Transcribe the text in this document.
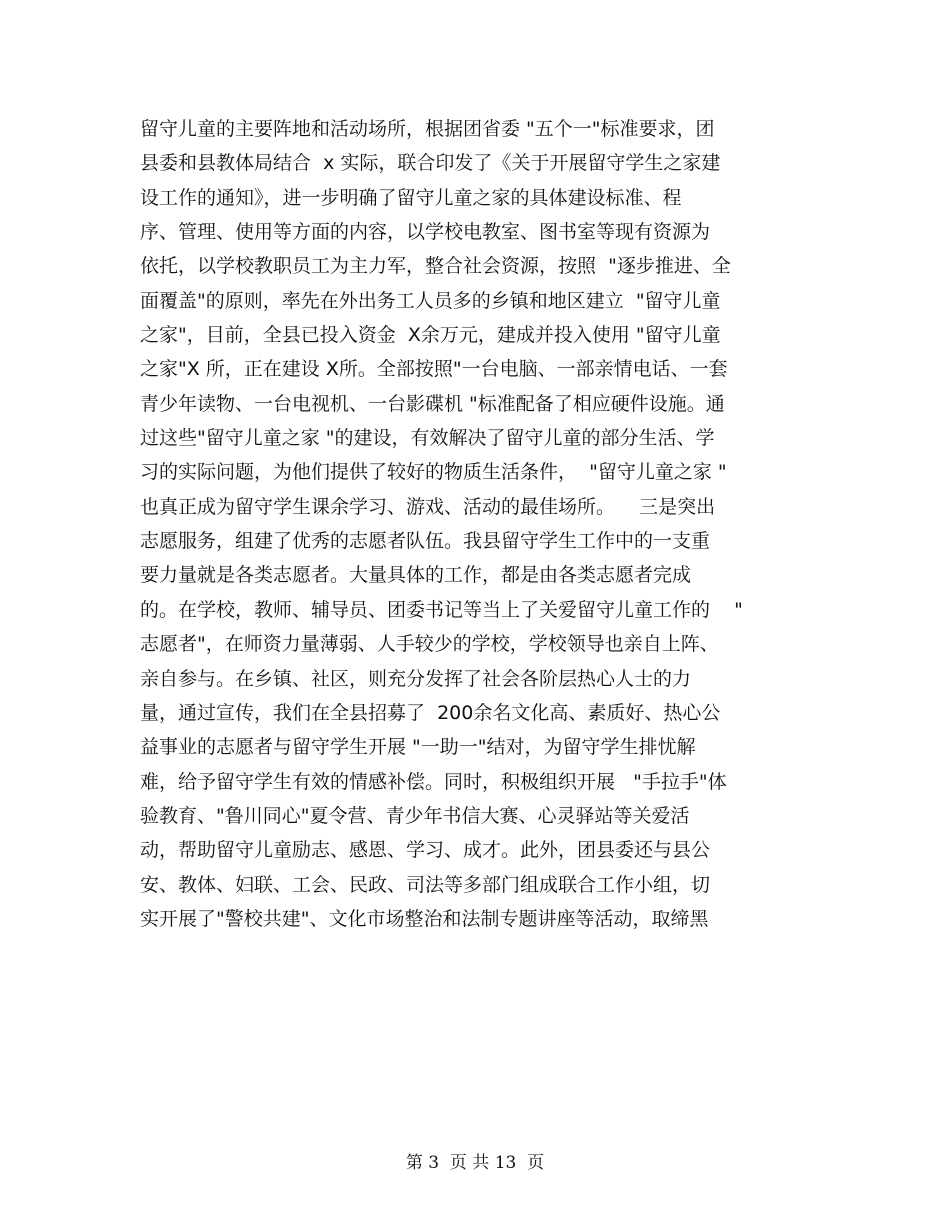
留守儿童的主要阵地和活动场所，根据团省委 "五个一"标准要求，团
县委和县教体局结合  x 实际，联合印发了《关于开展留守学生之家建
设工作的通知》，进一步明确了留守儿童之家的具体建设标准、程
序、管理、使用等方面的内容，以学校电教室、图书室等现有资源为
依托，以学校教职员工为主力军，整合社会资源，按照  "逐步推进、全
面覆盖"的原则，率先在外出务工人员多的乡镇和地区建立  "留守儿童
之家"，目前，全县已投入资金  X余万元，建成并投入使用 "留守儿童
之家"X 所，正在建设 X所。全部按照"一台电脑、一部亲情电话、一套
青少年读物、一台电视机、一台影碟机 "标准配备了相应硬件设施。通
过这些"留守儿童之家 "的建设，有效解决了留守儿童的部分生活、学
习的实际问题，为他们提供了较好的物质生活条件，  "留守儿童之家 "
也真正成为留守学生课余学习、游戏、活动的最佳场所。    三是突出
志愿服务，组建了优秀的志愿者队伍。我县留守学生工作中的一支重
要力量就是各类志愿者。大量具体的工作，都是由各类志愿者完成
的。在学校，教师、辅导员、团委书记等当上了关爱留守儿童工作的    "
志愿者"，在师资力量薄弱、人手较少的学校，学校领导也亲自上阵、
亲自参与。在乡镇、社区，则充分发挥了社会各阶层热心人士的力
量，通过宣传，我们在全县招募了  200余名文化高、素质好、热心公
益事业的志愿者与留守学生开展 "一助一"结对，为留守学生排忧解
难，给予留守学生有效的情感补偿。同时，积极组织开展   "手拉手"体
验教育、"鲁川同心"夏令营、青少年书信大赛、心灵驿站等关爱活
动，帮助留守儿童励志、感恩、学习、成才。此外，团县委还与县公
安、教体、妇联、工会、民政、司法等多部门组成联合工作小组，切
实开展了"警校共建"、文化市场整治和法制专题讲座等活动，取缔黑
第 3  页 共 13  页
